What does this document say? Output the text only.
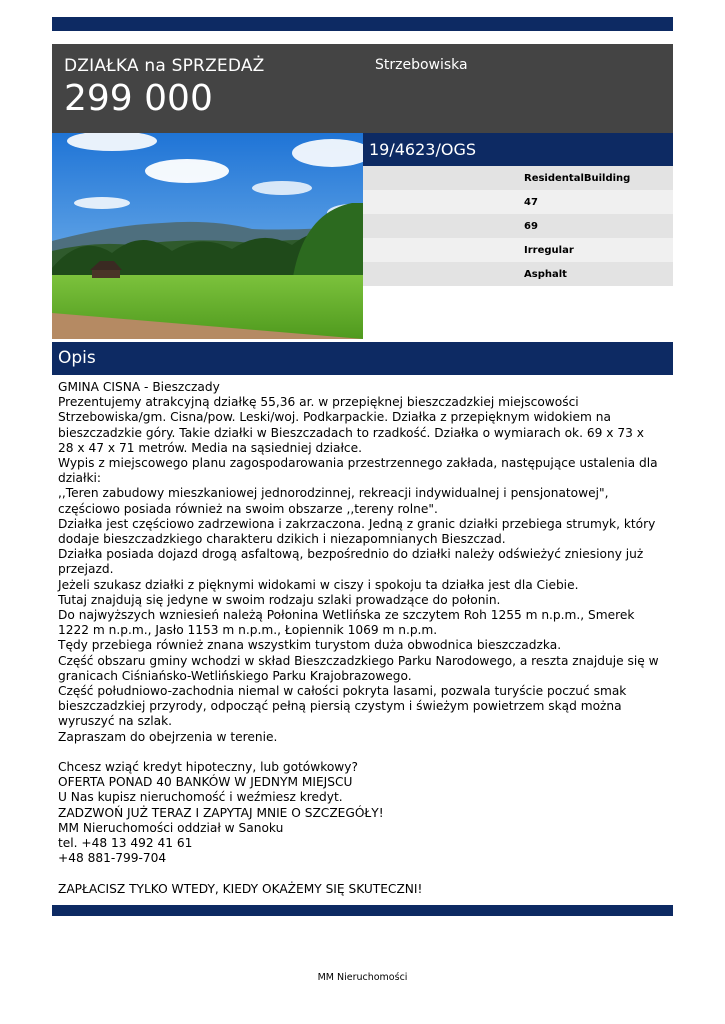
DZIAŁKA na SPRZEDAŻ
299 000
Strzebowiska
19/4623/OGS
ResidentalBuilding
47
69
Irregular
Asphalt
Opis

GMINA CISNA - Bieszczady

Prezentujemy atrakcyjną działkę 55,36 ar. w przepięknej bieszczadzkiej miejscowości

Strzebowiska/gm. Cisna/pow. Leski/woj. Podkarpackie. Działka z przepięknym widokiem na

bieszczadzkie góry. Takie działki w Bieszczadach to rzadkość. Działka o wymiarach ok. 69 x 73 x

28 x 47 x 71 metrów. Media na sąsiedniej działce.

Wypis z miejscowego planu zagospodarowania przestrzennego zakłada, następujące ustalenia dla

działki:

,,Teren zabudowy mieszkaniowej jednorodzinnej, rekreacji indywidualnej i pensjonatowej",

częściowo posiada również na swoim obszarze ,,tereny rolne".

Działka jest częściowo zadrzewiona i zakrzaczona. Jedną z granic działki przebiega strumyk, który

dodaje bieszczadzkiego charakteru dzikich i niezapomnianych Bieszczad.

Działka posiada dojazd drogą asfaltową, bezpośrednio do działki należy odświeżyć zniesiony już

przejazd.

Jeżeli szukasz działki z pięknymi widokami w ciszy i spokoju ta działka jest dla Ciebie.

Tutaj znajdują się jedyne w swoim rodzaju szlaki prowadzące do połonin.

Do najwyższych wzniesień należą Połonina Wetlińska ze szczytem Roh 1255 m n.p.m., Smerek

1222 m n.p.m., Jasło 1153 m n.p.m., Łopiennik 1069 m n.p.m.

Tędy przebiega również znana wszystkim turystom duża obwodnica bieszczadzka.

Część obszaru gminy wchodzi w skład Bieszczadzkiego Parku Narodowego, a reszta znajduje się w

granicach Ciśniańsko-Wetlińskiego Parku Krajobrazowego.

Część południowo-zachodnia niemal w całości pokryta lasami, pozwala turyście poczuć smak

bieszczadzkiej przyrody, odpocząć pełną piersią czystym i świeżym powietrzem skąd można

wyruszyć na szlak.

Zapraszam do obejrzenia w terenie.

Chcesz wziąć kredyt hipoteczny, lub gotówkowy?

OFERTA PONAD 40 BANKÓW W JEDNYM MIEJSCU

U Nas kupisz nieruchomość i weźmiesz kredyt.

ZADZWOŃ JUŻ TERAZ I ZAPYTAJ MNIE O SZCZEGÓŁY!

MM Nieruchomości oddział w Sanoku

tel. +48 13 492 41 61

+48 881-799-704

ZAPŁACISZ TYLKO WTEDY, KIEDY OKAŻEMY SIĘ SKUTECZNI!

MM Nieruchomości
